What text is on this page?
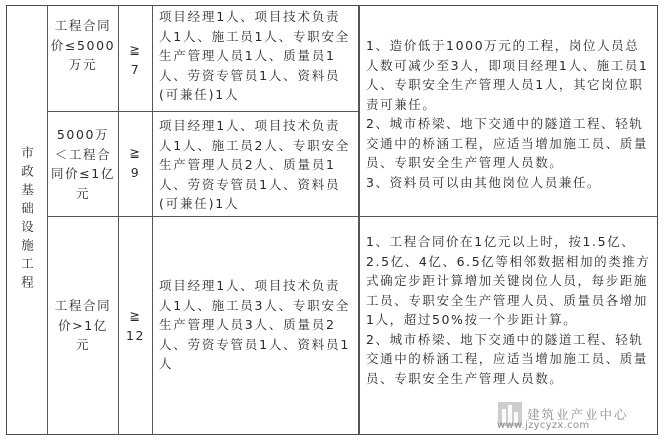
市政基础设施工程
工程合同价≤5000万元
≧
7
项目经理1人、项目技术负责人1人、施工员1人、专职安全生产管理人员1人、质量员1人、劳资专管员1人、资料员(可兼任)1人
5000万＜工程合同价≤1亿元
≧
9
项目经理1人、项目技术负责人1人、施工员2人、专职安全生产管理人员2人、质量员1人、劳资专管员1人、资料员(可兼任)1人
工程合同价>1亿元
≧
12
项目经理1人、项目技术负责人1人、施工员3人、专职安全生产管理人员3人、质量员2人、劳资专管员1人、资料员1人

1、造价低于1000万元的工程，岗位人员总人数可减少至3人，即项目经理1人、施工员1人、专职安全生产管理人员1人，其它岗位职责可兼任。

2、城市桥梁、地下交通中的隧道工程、轻轨交通中的桥涵工程，应适当增加施工员、质量员、专职安全生产管理人员数。

3、资料员可以由其他岗位人员兼任。

1、工程合同价在1亿元以上时，按1.5亿、2.5亿、4亿、6.5亿等相邻数据相加的类推方式确定步距计算增加关键岗位人员，每步距施工员、专职安全生产管理人员、质量员各增加1人，超过50%按一个步距计算。

2、城市桥梁、地下交通中的隧道工程、轻轨交通中的桥涵工程，应适当增加施工员、质量员、专职安全生产管理人员数。

建筑业产业中心
www.jzycyzx.com
